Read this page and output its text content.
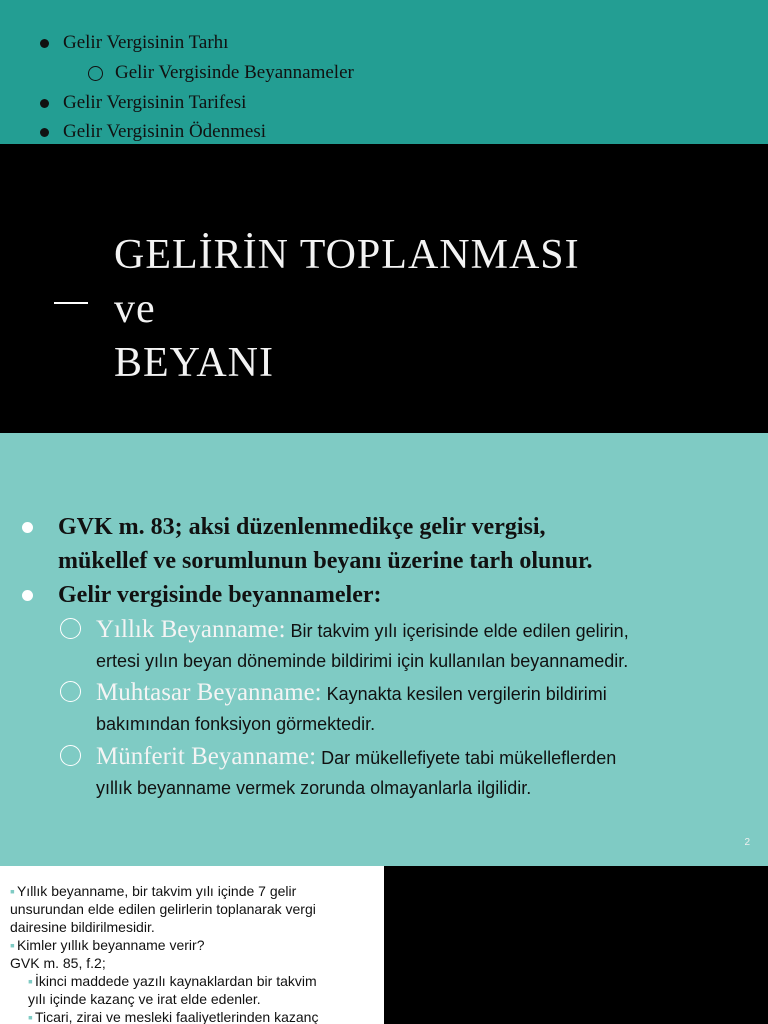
Gelir Vergisinin Tarhı
Gelir Vergisinde Beyannameler
Gelir Vergisinin Tarifesi
Gelir Vergisinin Ödenmesi
GELİRİN TOPLANMASI
ve
BEYANI
GVK m. 83; aksi düzenlenmedikçe gelir vergisi,
mükellef ve sorumlunun beyanı üzerine tarh olunur.
Gelir vergisinde beyannameler:
Yıllık Beyanname: Bir takvim yılı içerisinde elde edilen gelirin,
ertesi yılın beyan döneminde bildirimi için kullanılan beyannamedir.
Muhtasar Beyanname: Kaynakta kesilen vergilerin bildirimi
bakımından fonksiyon görmektedir.
Münferit Beyanname: Dar mükellefiyete tabi mükelleflerden
yıllık beyanname vermek zorunda olmayanlarla ilgilidir.
2
▪ Yıllık beyanname, bir takvim yılı içinde 7 gelir
unsurundan elde edilen gelirlerin toplanarak vergi
dairesine bildirilmesidir.
▪ Kimler yıllık beyanname verir?
GVK m. 85, f.2;
▪ İkinci maddede yazılı kaynaklardan bir takvim
yılı içinde kazanç ve irat elde edenler.
▪ Ticari, zirai ve mesleki faaliyetlerinden kazanç
